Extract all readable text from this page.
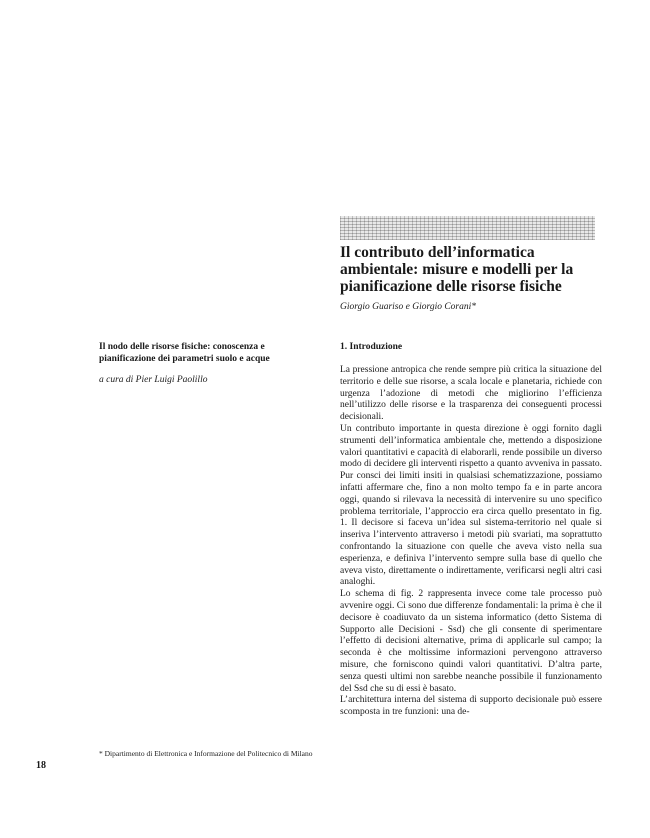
Il contributo dell’informatica ambientale: misure e modelli per la pianificazione delle risorse fisiche

Giorgio Guariso e Giorgio Corani*

Il nodo delle risorse fisiche: conoscenza e pianificazione dei parametri suolo e acque

a cura di Pier Luigi Paolillo

1. Introduzione

La pressione antropica che rende sempre più critica la situazione del territorio e delle sue risorse, a scala locale e planetaria, richiede con urgenza l’adozione di metodi che migliorino l’efficienza nell’utilizzo delle risorse e la trasparenza dei conseguenti processi decisionali.

Un contributo importante in questa direzione è oggi fornito dagli strumenti dell’informatica ambientale che, mettendo a disposizione valori quantitativi e capacità di elaborarli, rende possibile un diverso modo di decidere gli interventi rispetto a quanto avveniva in passato.

Pur consci dei limiti insiti in qualsiasi schematizzazione, possiamo infatti affermare che, fino a non molto tempo fa e in parte ancora oggi, quando si rilevava la necessità di intervenire su uno specifico problema territoriale, l’approccio era circa quello presentato in fig. 1. Il decisore si faceva un’idea sul sistema-territorio nel quale si inseriva l’intervento attraverso i metodi più svariati, ma soprattutto confrontando la situazione con quelle che aveva visto nella sua esperienza, e definiva l’intervento sempre sulla base di quello che aveva visto, direttamente o indirettamente, verificarsi negli altri casi analoghi.

Lo schema di fig. 2 rappresenta invece come tale processo può avvenire oggi. Ci sono due differenze fondamentali: la prima è che il decisore è coadiuvato da un sistema informatico (detto Sistema di Supporto alle Decisioni - Ssd) che gli consente di sperimentare l’effetto di decisioni alternative, prima di applicarle sul campo; la seconda è che moltissime informazioni pervengono attraverso misure, che forniscono quindi valori quantitativi. D’altra parte, senza questi ultimi non sarebbe neanche possibile il funzionamento del Ssd che su di essi è basato.

L’architettura interna del sistema di supporto decisionale può essere scomposta in tre funzioni: una de-

* Dipartimento di Elettronica e Informazione del Politecnico di Milano

18
